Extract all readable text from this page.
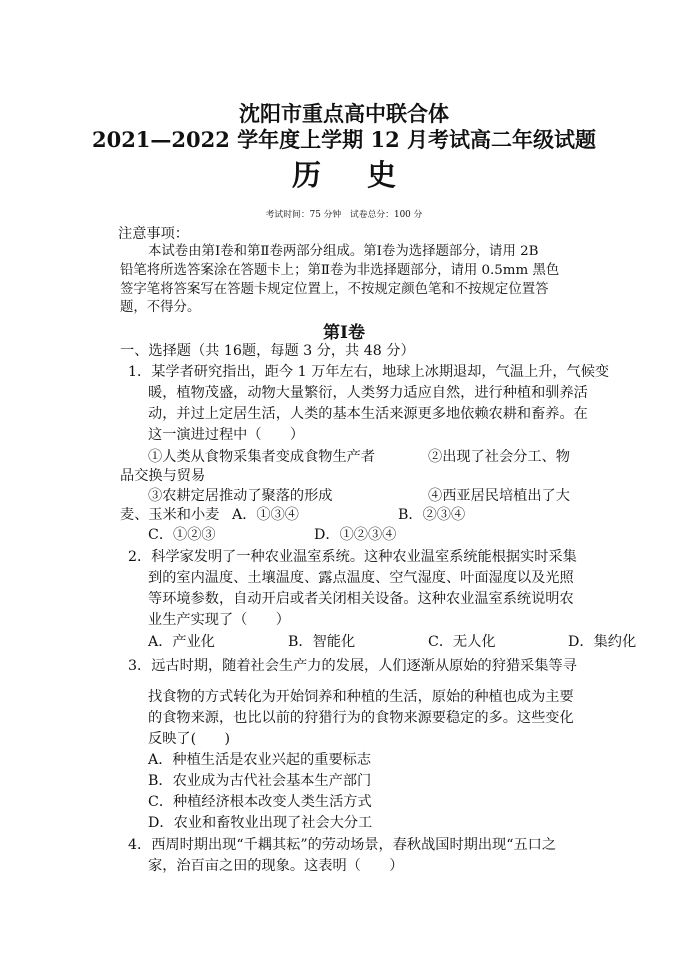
沈阳市重点高中联合体
2021—2022 学年度上学期 12 月考试高二年级试题
历 史
考试时间：75 分钟　试卷总分：100 分
注意事项：
本试卷由第Ⅰ卷和第Ⅱ卷两部分组成。第Ⅰ卷为选择题部分，请用 2B
铅笔将所选答案涂在答题卡上；第Ⅱ卷为非选择题部分，请用 0.5mm 黑色
签字笔将答案写在答题卡规定位置上，不按规定颜色笔和不按规定位置答
题，不得分。
第Ⅰ卷
一、选择题（共 16题，每题 3 分，共 48 分）
1．某学者研究指出，距今 1 万年左右，地球上冰期退却，气温上升，气候变
暖，植物茂盛，动物大量繁衍，人类努力适应自然，进行种植和驯养活
动，并过上定居生活，人类的基本生活来源更多地依赖农耕和畜养。在
这一演进过程中（　　）
①人类从食物采集者变成食物生产者	②出现了社会分工、物
品交换与贸易
③农耕定居推动了聚落的形成	④西亚居民培植出了大
麦、玉米和小麦 A．①③④	B．②③④
C．①②③	D．①②③④
2．科学家发明了一种农业温室系统。这种农业温室系统能根据实时采集
到的室内温度、土壤温度、露点温度、空气湿度、叶面湿度以及光照
等环境参数，自动开启或者关闭相关设备。这种农业温室系统说明农
业生产实现了（　　）
A．产业化	B．智能化	C．无人化	D．集约化
3．远古时期，随着社会生产力的发展，人们逐渐从原始的狩猎采集等寻
找食物的方式转化为开始饲养和种植的生活，原始的种植也成为主要
的食物来源，也比以前的狩猎行为的食物来源要稳定的多。这些变化
反映了(　　)
A．种植生活是农业兴起的重要标志
B．农业成为古代社会基本生产部门
C．种植经济根本改变人类生活方式
D．农业和畜牧业出现了社会大分工
4．西周时期出现“千耦其耘”的劳动场景，春秋战国时期出现“五口之
家，治百亩之田的现象。这表明（　　）
